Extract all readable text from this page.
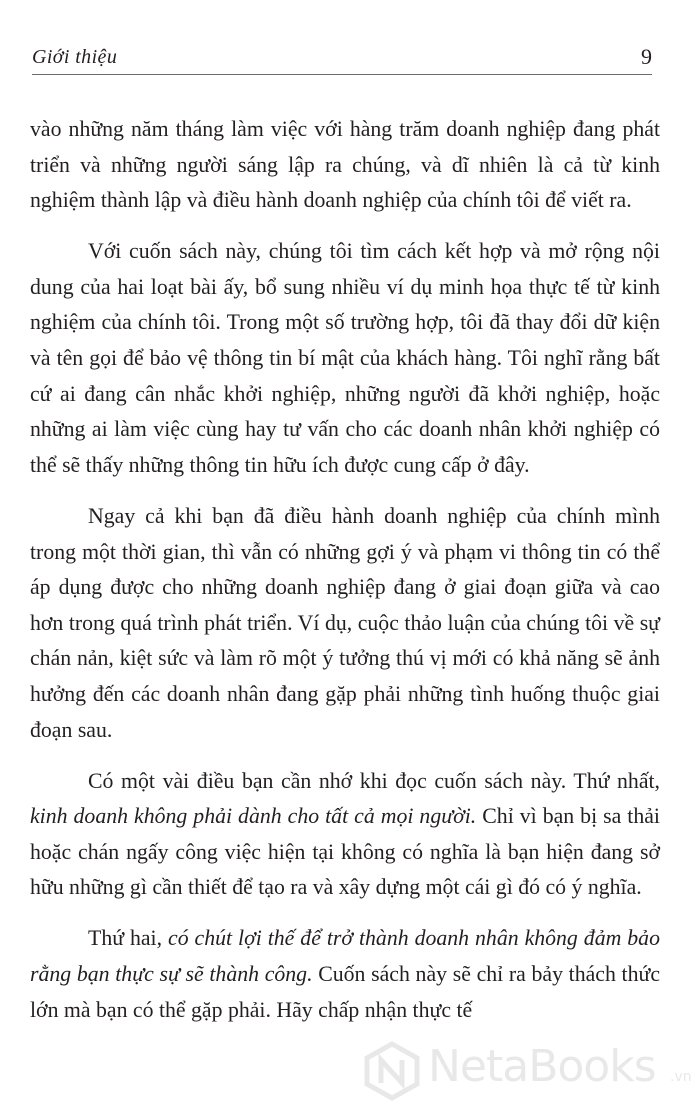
Giới thiệu	9

vào những năm tháng làm việc với hàng trăm doanh nghiệp đang phát triển và những người sáng lập ra chúng, và dĩ nhiên là cả từ kinh nghiệm thành lập và điều hành doanh nghiệp của chính tôi để viết ra.

Với cuốn sách này, chúng tôi tìm cách kết hợp và mở rộng nội dung của hai loạt bài ấy, bổ sung nhiều ví dụ minh họa thực tế từ kinh nghiệm của chính tôi. Trong một số trường hợp, tôi đã thay đổi dữ kiện và tên gọi để bảo vệ thông tin bí mật của khách hàng. Tôi nghĩ rằng bất cứ ai đang cân nhắc khởi nghiệp, những người đã khởi nghiệp, hoặc những ai làm việc cùng hay tư vấn cho các doanh nhân khởi nghiệp có thể sẽ thấy những thông tin hữu ích được cung cấp ở đây.

Ngay cả khi bạn đã điều hành doanh nghiệp của chính mình trong một thời gian, thì vẫn có những gợi ý và phạm vi thông tin có thể áp dụng được cho những doanh nghiệp đang ở giai đoạn giữa và cao hơn trong quá trình phát triển. Ví dụ, cuộc thảo luận của chúng tôi về sự chán nản, kiệt sức và làm rõ một ý tưởng thú vị mới có khả năng sẽ ảnh hưởng đến các doanh nhân đang gặp phải những tình huống thuộc giai đoạn sau.

Có một vài điều bạn cần nhớ khi đọc cuốn sách này. Thứ nhất, kinh doanh không phải dành cho tất cả mọi người. Chỉ vì bạn bị sa thải hoặc chán ngấy công việc hiện tại không có nghĩa là bạn hiện đang sở hữu những gì cần thiết để tạo ra và xây dựng một cái gì đó có ý nghĩa.

Thứ hai, có chút lợi thế để trở thành doanh nhân không đảm bảo rằng bạn thực sự sẽ thành công. Cuốn sách này sẽ chỉ ra bảy thách thức lớn mà bạn có thể gặp phải. Hãy chấp nhận thực tế

NetaBooks .vn
